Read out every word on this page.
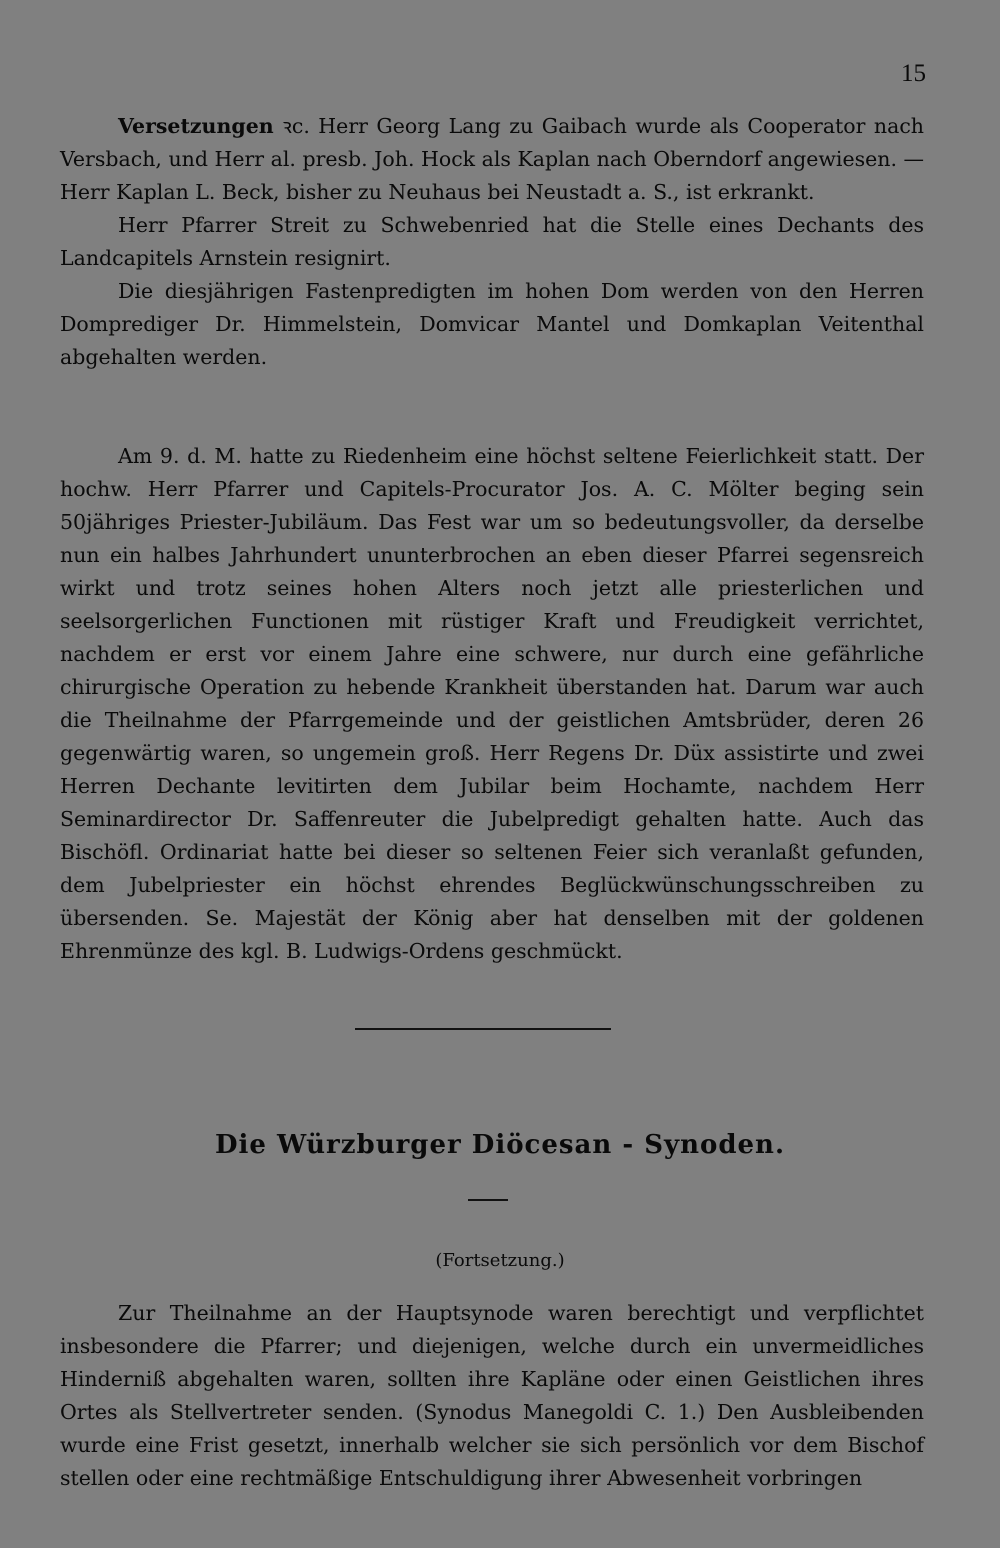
15

Versetzungen ꝛc. Herr Georg Lang zu Gaibach wurde als Cooperator nach Versbach, und Herr al. presb. Joh. Hock als Kaplan nach Oberndorf angewiesen. — Herr Kaplan L. Beck, bisher zu Neuhaus bei Neustadt a. S., ist erkrankt.

Herr Pfarrer Streit zu Schwebenried hat die Stelle eines Dechants des Landcapitels Arnstein resignirt.

Die diesjährigen Fastenpredigten im hohen Dom werden von den Herren Domprediger Dr. Himmelstein, Domvicar Mantel und Domkaplan Veitenthal abgehalten werden.

Am 9. d. M. hatte zu Riedenheim eine höchst seltene Feierlichkeit statt. Der hochw. Herr Pfarrer und Capitels-Procurator Jos. A. C. Mölter beging sein 50jähriges Priester-Jubiläum. Das Fest war um so bedeutungsvoller, da derselbe nun ein halbes Jahrhundert ununterbrochen an eben dieser Pfarrei segensreich wirkt und trotz seines hohen Alters noch jetzt alle priesterlichen und seelsorgerlichen Functionen mit rüstiger Kraft und Freudigkeit verrichtet, nachdem er erst vor einem Jahre eine schwere, nur durch eine gefährliche chirurgische Operation zu hebende Krankheit überstanden hat. Darum war auch die Theilnahme der Pfarrgemeinde und der geistlichen Amtsbrüder, deren 26 gegenwärtig waren, so ungemein groß. Herr Regens Dr. Düx assistirte und zwei Herren Dechante levitirten dem Jubilar beim Hochamte, nachdem Herr Seminardirector Dr. Saffenreuter die Jubelpredigt gehalten hatte. Auch das Bischöfl. Ordinariat hatte bei dieser so seltenen Feier sich veranlaßt gefunden, dem Jubelpriester ein höchst ehrendes Beglückwünschungsschreiben zu übersenden. Se. Majestät der König aber hat denselben mit der goldenen Ehrenmünze des kgl. B. Ludwigs-Ordens geschmückt.

Die Würzburger Diöcesan - Synoden.
(Fortsetzung.)

Zur Theilnahme an der Hauptsynode waren berechtigt und verpflichtet insbesondere die Pfarrer; und diejenigen, welche durch ein unvermeidliches Hinderniß abgehalten waren, sollten ihre Kapläne oder einen Geistlichen ihres Ortes als Stellvertreter senden. (Synodus Manegoldi C. 1.) Den Ausbleibenden wurde eine Frist gesetzt, innerhalb welcher sie sich persönlich vor dem Bischof stellen oder eine rechtmäßige Entschuldigung ihrer Abwesenheit vorbringen
